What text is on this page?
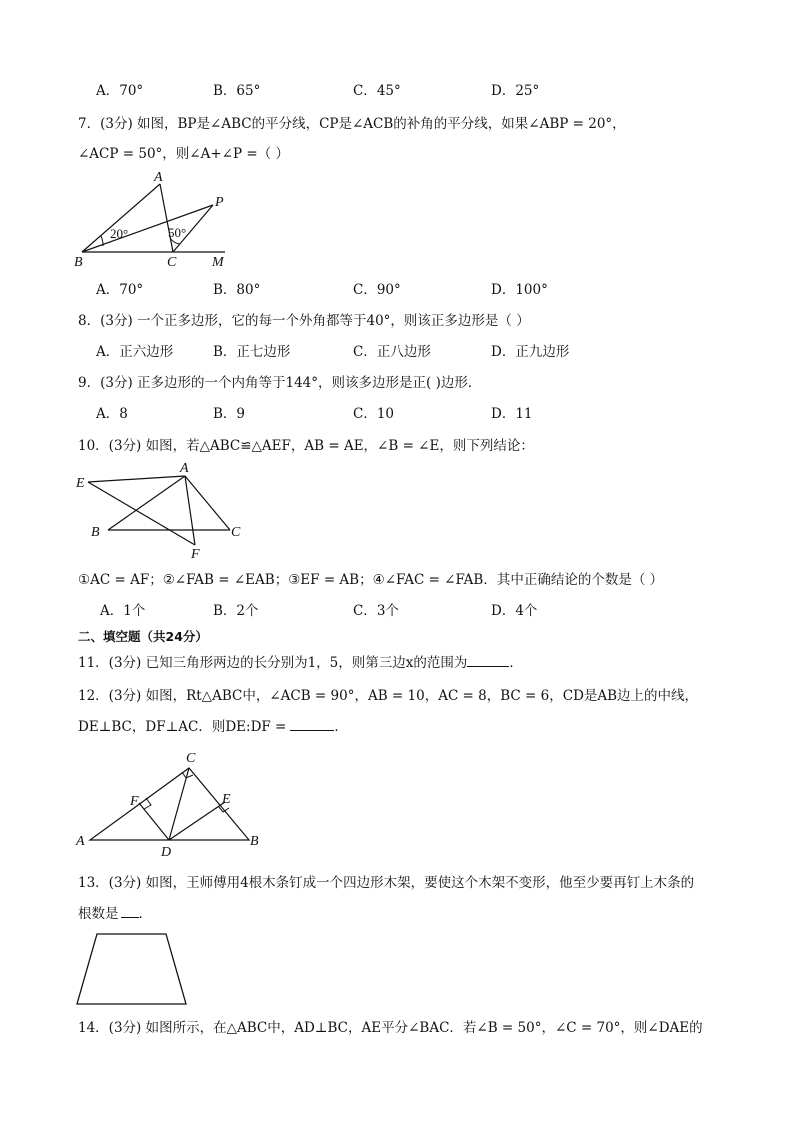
A．70°	B．65°	C．45°	D．25°
7．(3分) 如图，BP是∠ABC的平分线，CP是∠ACB的补角的平分线，如果∠ABP = 20°，
∠ACP = 50°，则∠A+∠P =（ ）
A
P
B	C	M
20°	50°
A．70°	B．80°	C．90°	D．100°
8．(3分) 一个正多边形，它的每一个外角都等于40°，则该正多边形是（ ）
A．正六边形	B．正七边形	C．正八边形	D．正九边形
9．(3分) 正多边形的一个内角等于144°，则该多边形是正( )边形．
A．8	B．9	C．10	D．11
10．(3分) 如图，若△ABC≌△AEF，AB = AE，∠B = ∠E，则下列结论：
E
A
B	C
F
①AC = AF；②∠FAB = ∠EAB；③EF = AB；④∠FAC = ∠FAB．其中正确结论的个数是（ ）
A．1个	B．2个	C．3个	D．4个
二、填空题（共24分）
11．(3分) 已知三角形两边的长分别为1，5，则第三边x的范围为	．
12．(3分) 如图，Rt△ABC中，∠ACB = 90°，AB = 10，AC = 8，BC = 6，CD是AB边上的中线，
DE⊥BC，DF⊥AC．则DE:DF =	．
C
F	E
A
D
B
13．(3分) 如图，王师傅用4根木条钉成一个四边形木架，要使这个木架不变形，他至少要再钉上木条的
根数是 ．
14．(3分) 如图所示，在△ABC中，AD⊥BC，AE平分∠BAC．若∠B = 50°，∠C = 70°，则∠DAE的
